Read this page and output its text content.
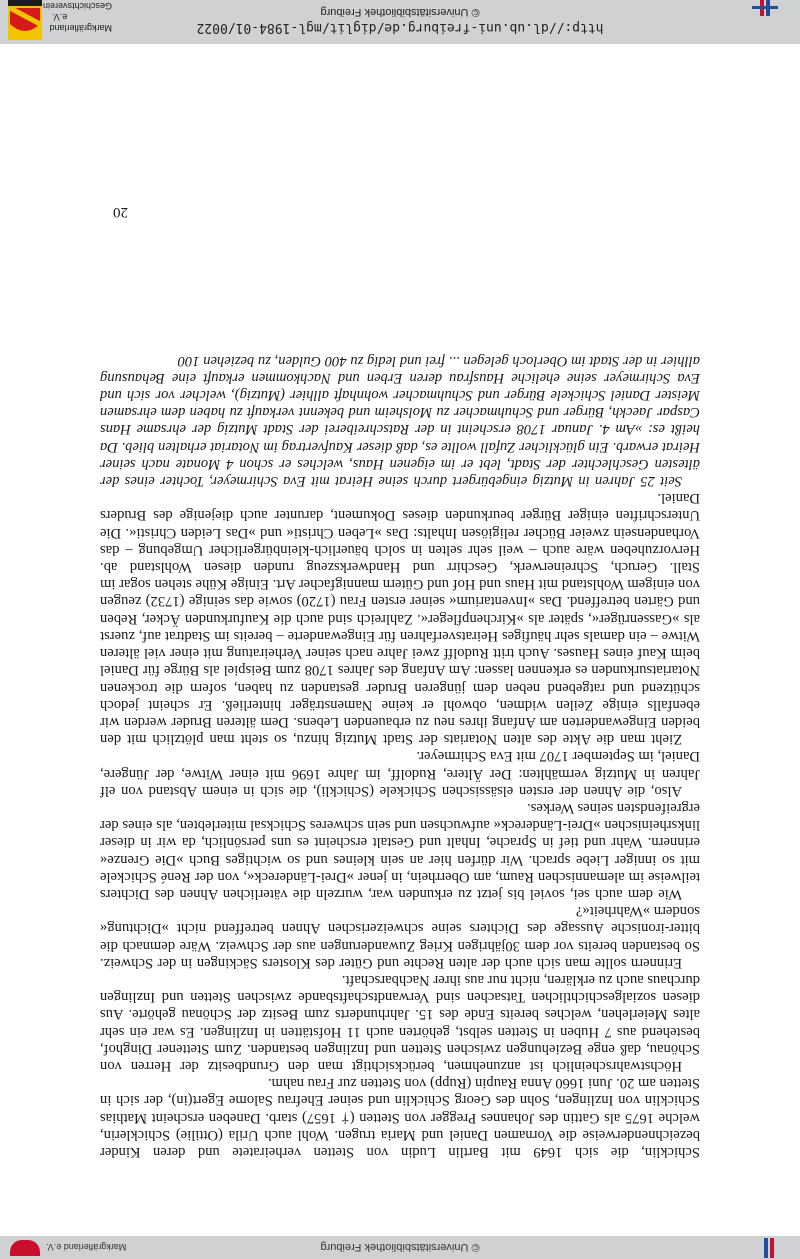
Markgräflerland e.V. Geschichtsverein
http://dl.ub.uni-freiburg.de/diglit/mgl-1984-01/0022
© Universitätsbibliothek Freiburg

Schicklin, die sich 1649 mit Bartlin Ludin von Stetten verheiratete und deren Kinder bezeichnenderweise die Vornamen Daniel und Maria trugen. Wohl auch Urila (Ottilie) Schicklerin, welche 1675 als Gattin des Johannes Pregger von Stetten († 1657) starb. Daneben erscheint Mathias Schicklin von Inzlingen, Sohn des Georg Schicklin und seiner Ehefrau Salome Egert(in), der sich in Stetten am 20. Juni 1660 Anna Raupin (Rupp) von Stetten zur Frau nahm.

Höchstwahrscheinlich ist anzunehmen, berücksichtigt man den Grundbesitz der Herren von Schönau, daß enge Beziehungen zwischen Stetten und Inzlingen bestanden. Zum Stettener Dinghof, bestehend aus 7 Huben in Stetten selbst, gehörten auch 11 Hofstätten in Inzlingen. Es war ein sehr altes Meierlehen, welches bereits Ende des 15. Jahrhunderts zum Besitz der Schönau gehörte. Aus diesen sozialgeschichtlichen Tatsachen sind Verwandtschaftsbande zwischen Stetten und Inzlingen durchaus auch zu erklären, nicht nur aus ihrer Nachbarschaft.

Erinnern sollte man sich auch der alten Rechte und Güter des Klosters Säckingen in der Schweiz. So bestanden bereits vor dem 30jährigen Krieg Zuwanderungen aus der Schweiz. Wäre demnach die bitter-ironische Aussage des Dichters seine schweizerischen Ahnen betreffend nicht »Dichtung« sondern »Wahrheit«?

Wie dem auch sei, soviel bis jetzt zu erkunden war, wurzeln die väterlichen Ahnen des Dichters teilweise im alemannischen Raum, am Oberrhein, in jener »Drei-Ländereck«, von der René Schickele mit so inniger Liebe sprach. Wir dürfen hier an sein kleines und so wichtiges Buch »Die Grenze« erinnern. Wahr und tief in Sprache, Inhalt und Gestalt erscheint es uns persönlich, da wir in dieser linksrheinischen »Drei-Ländereck« aufwuchsen und sein schweres Schicksal miterlebten, als eines der ergreifendsten seines Werkes.

Also, die Ahnen der ersten elsässischen Schickele (Schickli), die sich in einem Abstand von elf Jahren in Mutzig vermählten: Der Ältere, Rudolff, im Jahre 1696 mit einer Witwe, der Jüngere, Daniel, im September 1707 mit Eva Schirmeyer.

Zieht man die Akte des alten Notariats der Stadt Mutzig hinzu, so steht man plötzlich mit den beiden Eingewanderten am Anfang ihres neu zu erbauenden Lebens. Dem älteren Bruder werden wir ebenfalls einige Zeilen widmen, obwohl er keine Namensträger hinterließ. Er scheint jedoch schützend und ratgebend neben dem jüngeren Bruder gestanden zu haben, sofern die trockenen Notariatsurkunden es erkennen lassen: Am Anfang des Jahres 1708 zum Beispiel als Bürge für Daniel beim Kauf eines Hauses. Auch tritt Rudolff zwei Jahre nach seiner Verheiratung mit einer viel älteren Witwe – ein damals sehr häufiges Heiratsverfahren für Eingewanderte – bereits im Stadtrat auf, zuerst als »Gassenrüger«, später als »Kirchenpfleger«. Zahlreich sind auch die Kaufurkunden Äcker, Reben und Gärten betreffend. Das »Inventarium« seiner ersten Frau (1720) sowie das seinige (1732) zeugen von einigem Wohlstand mit Haus und Hof und Gütern mannigfacher Art. Einige Kühe stehen sogar im Stall. Geruch, Schreinerwerk, Geschirr und Handwerkszeug runden diesen Wohlstand ab. Hervorzuheben wäre auch – weil sehr selten in solch bäuerlich-kleinbürgerlicher Umgebung – das Vorhandensein zweier Bücher religiösen Inhalts: Das »Leben Christi« und »Das Leiden Christi«. Die Unterschriften einiger Bürger beurkunden dieses Dokument, darunter auch diejenige des Bruders Daniel.

Seit 25 Jahren in Mutzig eingebürgert durch seine Heirat mit Eva Schirmeyer, Tochter eines der ältesten Geschlechter der Stadt, lebt er im eigenen Haus, welches er schon 4 Monate nach seiner Heirat erwarb. Ein glücklicher Zufall wollte es, daß dieser Kaufvertrag im Notariat erhalten blieb. Da heißt es: »Am 4. Januar 1708 erscheint in der Ratschreiberei der Stadt Mutzig der ehrsame Hans Caspar Jaeckh, Bürger und Schuhmacher zu Molsheim und bekennt verkauft zu haben dem ehrsamen Meister Daniel Schickele Bürger und Schuhmacher wohnhaft allhier (Mutzig), welcher vor sich und Eva Schirmeyer seine eheliche Hausfrau deren Erben und Nachkommen erkauft eine Behausung allhier in der Stadt im Oberloch gelegen ... frei und ledig zu 400 Gulden, zu beziehen 100

20
Markgräflerland e.V.	© Universitätsbibliothek Freiburg
